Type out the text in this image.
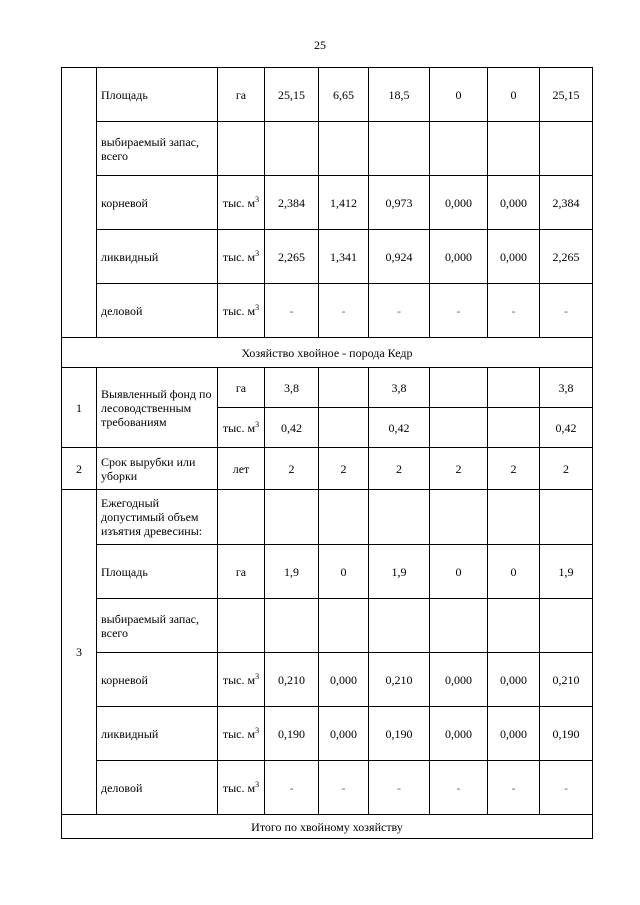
25
	Площадь	га	25,15	6,65	18,5	0	0	25,15
	выбираемый запас, всего							
	корневой	тыс. $м^3$	2,384	1,412	0,973	0,000	0,000	2,384
	ликвидный	тыс. $м^3$	2,265	1,341	0,924	0,000	0,000	2,265
	деловой	тыс. $м^3$	-	-	-	-	-	-
Хозяйство хвойное - порода Кедр								
1	Выявленный фонд по лесоводственным требованиям	га	3,8		3,8			3,8
		тыс. $м^3$	0,42		0,42			0,42
2	Срок вырубки или уборки	лет	2	2	2	2	2	2
3	Ежегодный допустимый объем изъятия древесины:							
	Площадь	га	1,9	0	1,9	0	0	1,9
	выбираемый запас, всего							
	корневой	тыс. $м^3$	0,210	0,000	0,210	0,000	0,000	0,210
	ликвидный	тыс. $м^3$	0,190	0,000	0,190	0,000	0,000	0,190
	деловой	тыс. $м^3$	-	-	-	-	-	-
Итого по хвойному хозяйству								
